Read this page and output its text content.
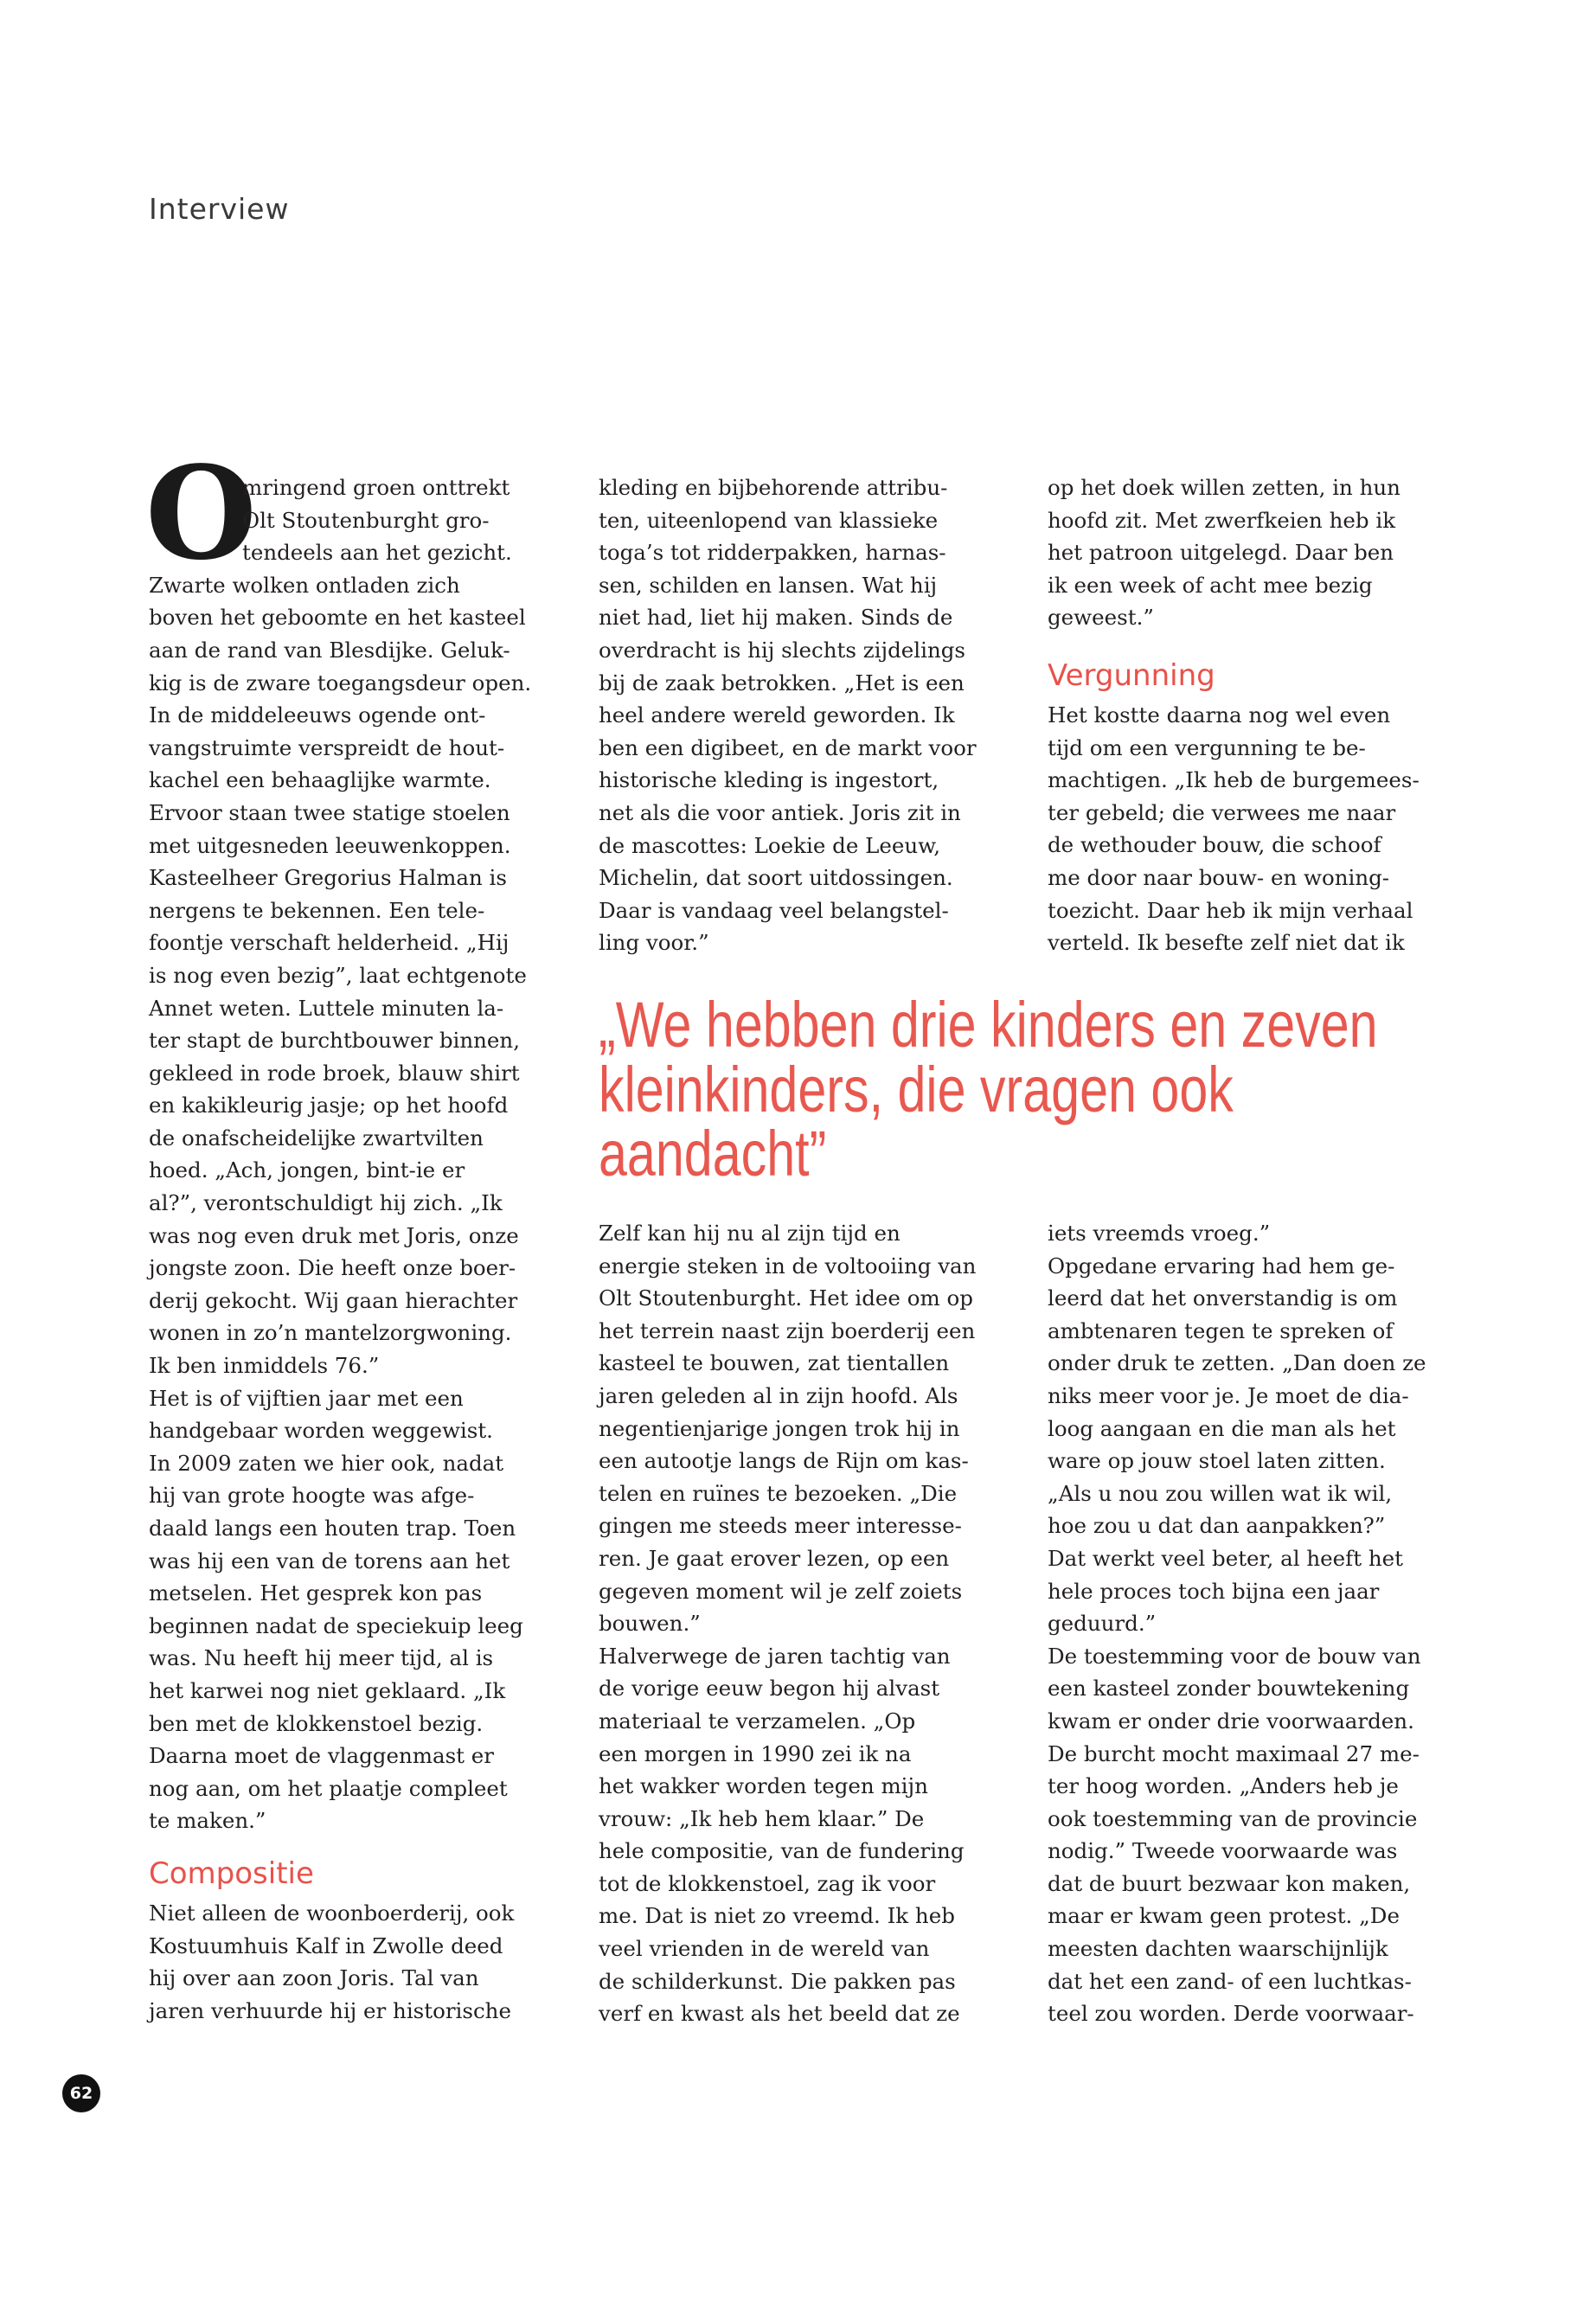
Interview
O
mringend groen onttrekt
Olt Stoutenburght gro-
tendeels aan het gezicht.
Zwarte wolken ontladen zich
boven het geboomte en het kasteel
aan de rand van Blesdijke. Geluk-
kig is de zware toegangsdeur open.
In de middeleeuws ogende ont-
vangstruimte verspreidt de hout-
kachel een behaaglijke warmte.
Ervoor staan twee statige stoelen
met uitgesneden leeuwenkoppen.
Kasteelheer Gregorius Halman is
nergens te bekennen. Een tele-
foontje verschaft helderheid. „Hij
is nog even bezig”, laat echtgenote
Annet weten. Luttele minuten la-
ter stapt de burchtbouwer binnen,
gekleed in rode broek, blauw shirt
en kakikleurig jasje; op het hoofd
de onafscheidelijke zwartvilten
hoed. „Ach, jongen, bint-ie er
al?”, verontschuldigt hij zich. „Ik
was nog even druk met Joris, onze
jongste zoon. Die heeft onze boer-
derij gekocht. Wij gaan hierachter
wonen in zo’n mantelzorgwoning.
Ik ben inmiddels 76.”
Het is of vijftien jaar met een
handgebaar worden weggewist.
In 2009 zaten we hier ook, nadat
hij van grote hoogte was afge-
daald langs een houten trap. Toen
was hij een van de torens aan het
metselen. Het gesprek kon pas
beginnen nadat de speciekuip leeg
was. Nu heeft hij meer tijd, al is
het karwei nog niet geklaard. „Ik
ben met de klokkenstoel bezig.
Daarna moet de vlaggenmast er
nog aan, om het plaatje compleet
te maken.”
Compositie
Niet alleen de woonboerderij, ook
Kostuumhuis Kalf in Zwolle deed
hij over aan zoon Joris. Tal van
jaren verhuurde hij er historische
kleding en bijbehorende attribu-
ten, uiteenlopend van klassieke
toga’s tot ridderpakken, harnas-
sen, schilden en lansen. Wat hij
niet had, liet hij maken. Sinds de
overdracht is hij slechts zijdelings
bij de zaak betrokken. „Het is een
heel andere wereld geworden. Ik
ben een digibeet, en de markt voor
historische kleding is ingestort,
net als die voor antiek. Joris zit in
de mascottes: Loekie de Leeuw,
Michelin, dat soort uitdossingen.
Daar is vandaag veel belangstel-
ling voor.”
op het doek willen zetten, in hun
hoofd zit. Met zwerfkeien heb ik
het patroon uitgelegd. Daar ben
ik een week of acht mee bezig
geweest.”
Vergunning
Het kostte daarna nog wel even
tijd om een vergunning te be-
machtigen. „Ik heb de burgemees-
ter gebeld; die verwees me naar
de wethouder bouw, die schoof
me door naar bouw- en woning-
toezicht. Daar heb ik mijn verhaal
verteld. Ik besefte zelf niet dat ik
„We hebben drie kinders en zeven
kleinkinders, die vragen ook
aandacht”
Zelf kan hij nu al zijn tijd en
energie steken in de voltooiing van
Olt Stoutenburght. Het idee om op
het terrein naast zijn boerderij een
kasteel te bouwen, zat tientallen
jaren geleden al in zijn hoofd. Als
negentienjarige jongen trok hij in
een autootje langs de Rijn om kas-
telen en ruïnes te bezoeken. „Die
gingen me steeds meer interesse-
ren. Je gaat erover lezen, op een
gegeven moment wil je zelf zoiets
bouwen.”
Halverwege de jaren tachtig van
de vorige eeuw begon hij alvast
materiaal te verzamelen. „Op
een morgen in 1990 zei ik na
het wakker worden tegen mijn
vrouw: „Ik heb hem klaar.” De
hele compositie, van de fundering
tot de klokkenstoel, zag ik voor
me. Dat is niet zo vreemd. Ik heb
veel vrienden in de wereld van
de schilderkunst. Die pakken pas
verf en kwast als het beeld dat ze
iets vreemds vroeg.”
Opgedane ervaring had hem ge-
leerd dat het onverstandig is om
ambtenaren tegen te spreken of
onder druk te zetten. „Dan doen ze
niks meer voor je. Je moet de dia-
loog aangaan en die man als het
ware op jouw stoel laten zitten.
„Als u nou zou willen wat ik wil,
hoe zou u dat dan aanpakken?”
Dat werkt veel beter, al heeft het
hele proces toch bijna een jaar
geduurd.”
De toestemming voor de bouw van
een kasteel zonder bouwtekening
kwam er onder drie voorwaarden.
De burcht mocht maximaal 27 me-
ter hoog worden. „Anders heb je
ook toestemming van de provincie
nodig.” Tweede voorwaarde was
dat de buurt bezwaar kon maken,
maar er kwam geen protest. „De
meesten dachten waarschijnlijk
dat het een zand- of een luchtkas-
teel zou worden. Derde voorwaar-
62
